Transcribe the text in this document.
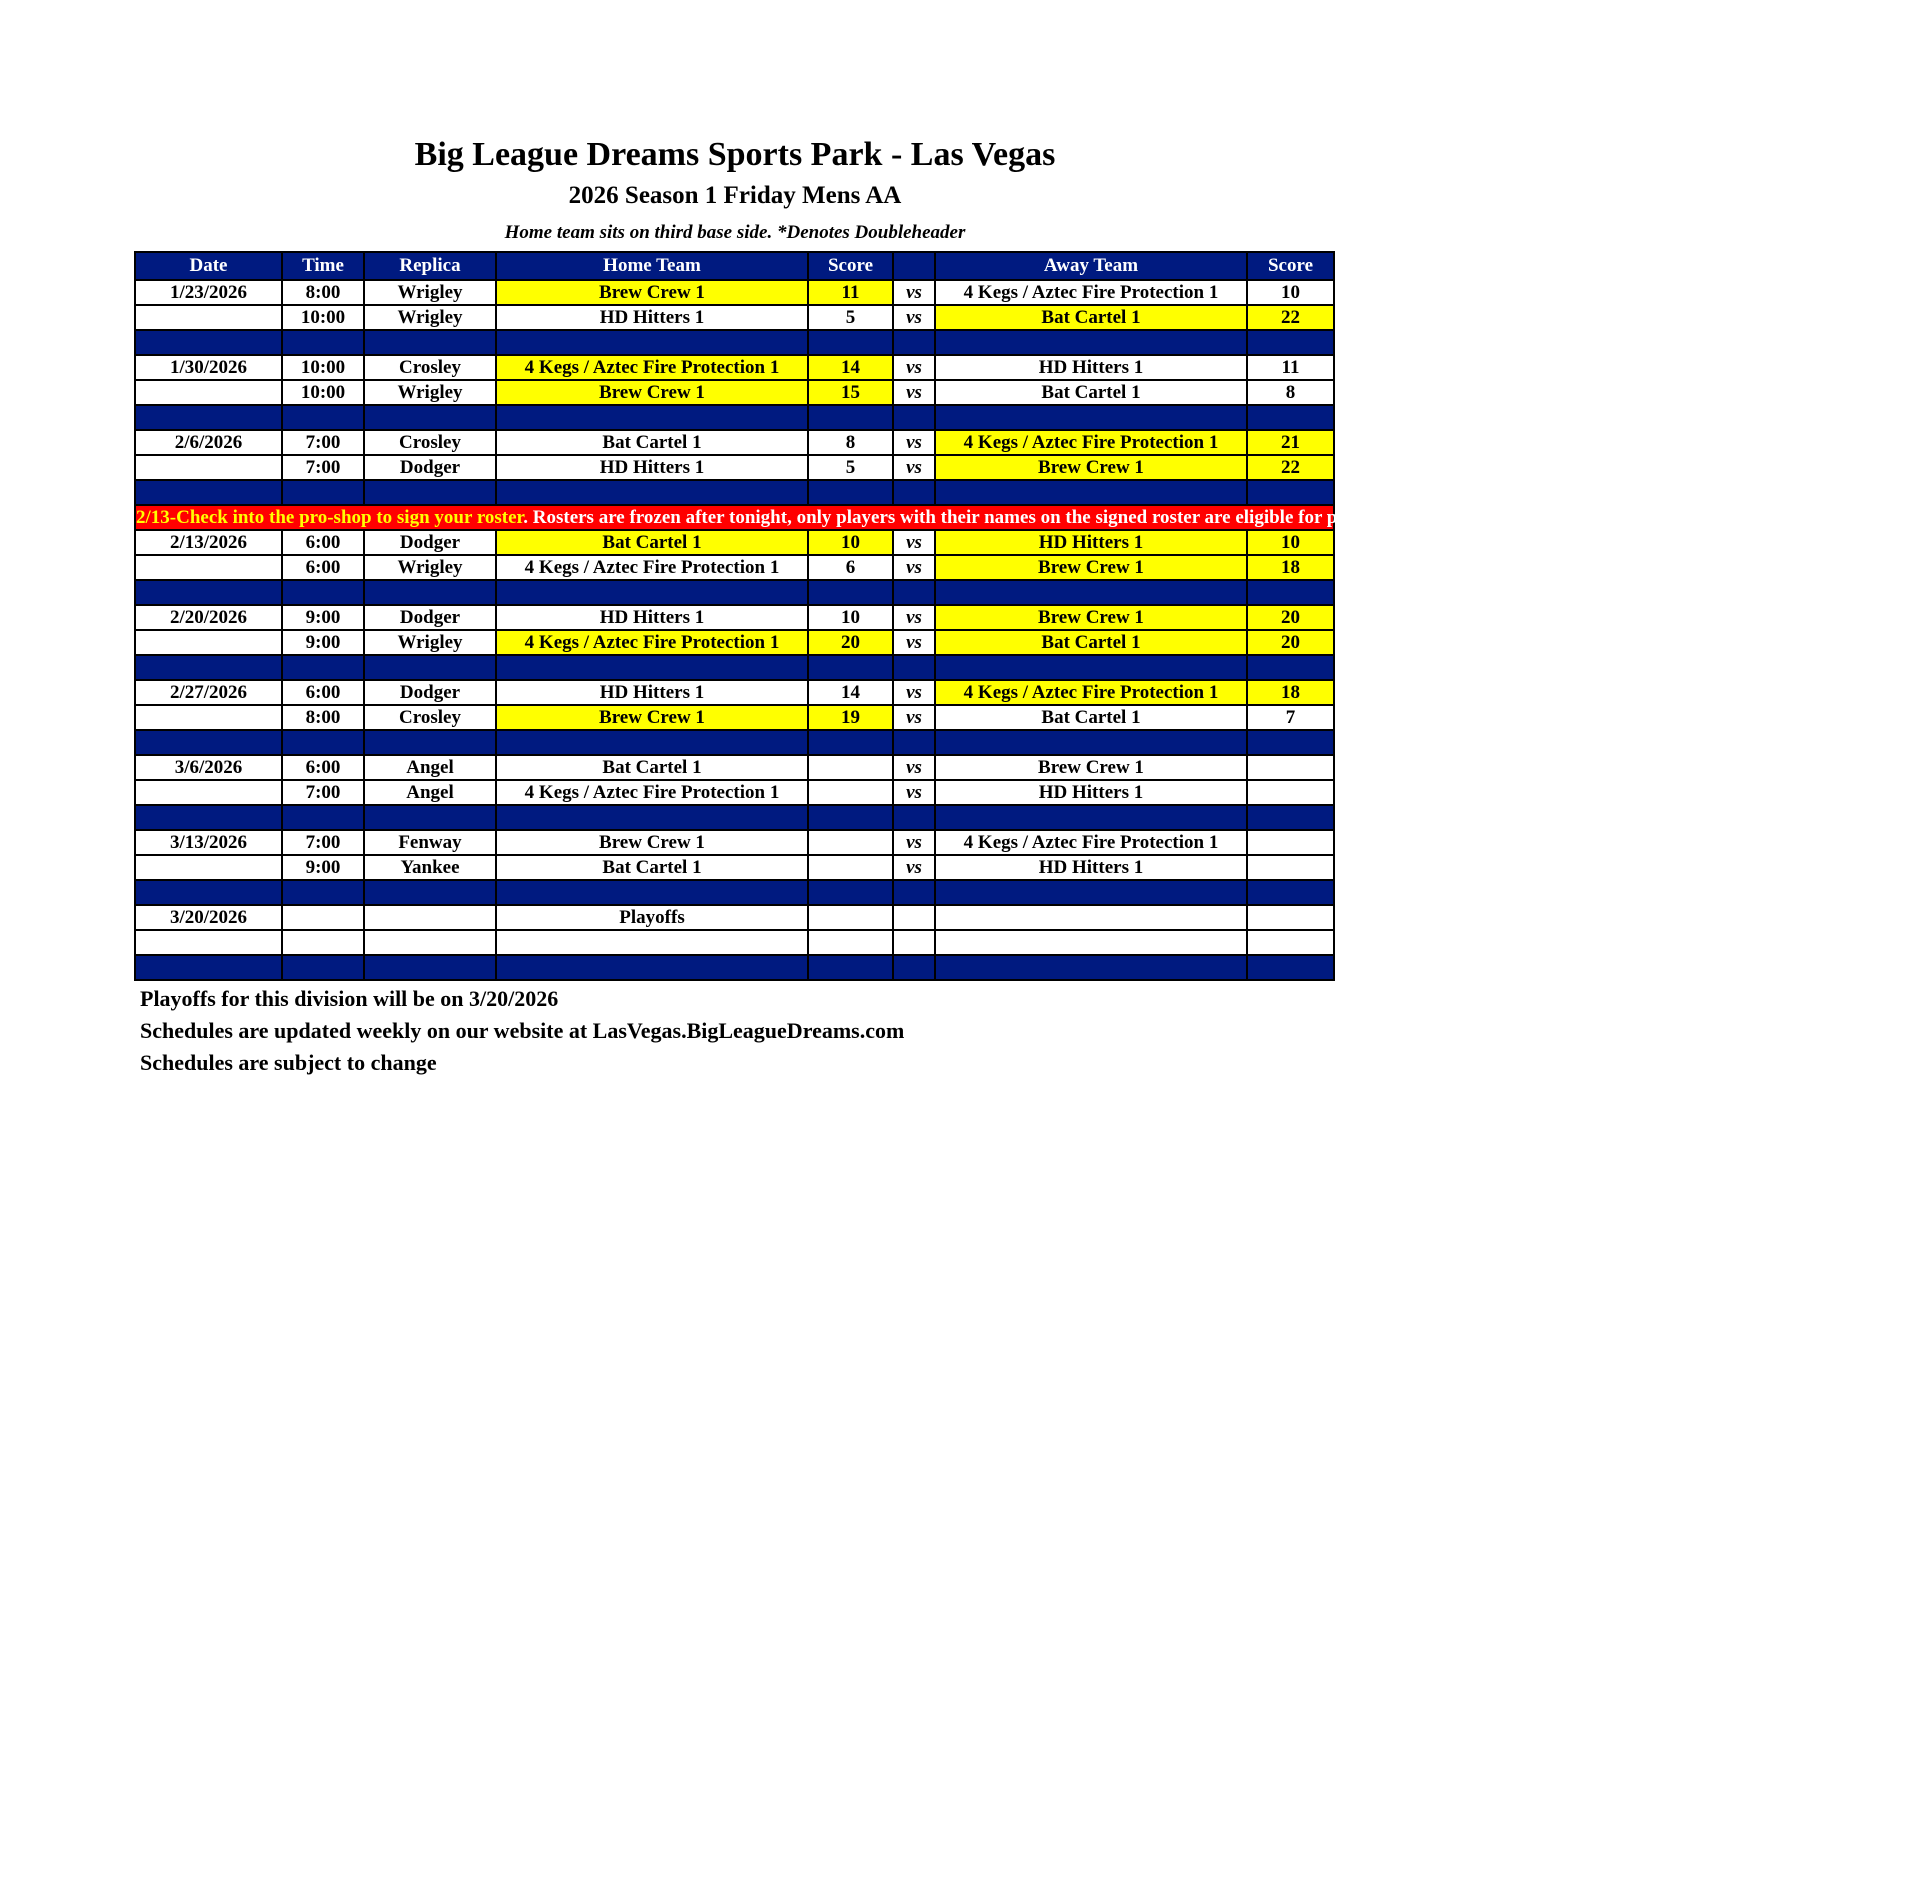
Big League Dreams Sports Park - Las Vegas
2026 Season 1 Friday Mens AA
Home team sits on third base side. *Denotes Doubleheader
Date	Time	Replica	Home Team	Score		Away Team	Score
1/23/2026	8:00	Wrigley	Brew Crew 1	11	vs	4 Kegs / Aztec Fire Protection 1	10
	10:00	Wrigley	HD Hitters 1	5	vs	Bat Cartel 1	22

1/30/2026	10:00	Crosley	4 Kegs / Aztec Fire Protection 1	14	vs	HD Hitters 1	11
	10:00	Wrigley	Brew Crew 1	15	vs	Bat Cartel 1	8

2/6/2026	7:00	Crosley	Bat Cartel 1	8	vs	4 Kegs / Aztec Fire Protection 1	21
	7:00	Dodger	HD Hitters 1	5	vs	Brew Crew 1	22

2/13-Check into the pro-shop to sign your roster. Rosters are frozen after tonight, only players with their names on the signed roster are eligible for playoffs. Please check carefully as changes will not be made for omissions.							
2/13/2026	6:00	Dodger	Bat Cartel 1	10	vs	HD Hitters 1	10
	6:00	Wrigley	4 Kegs / Aztec Fire Protection 1	6	vs	Brew Crew 1	18

2/20/2026	9:00	Dodger	HD Hitters 1	10	vs	Brew Crew 1	20
	9:00	Wrigley	4 Kegs / Aztec Fire Protection 1	20	vs	Bat Cartel 1	20

2/27/2026	6:00	Dodger	HD Hitters 1	14	vs	4 Kegs / Aztec Fire Protection 1	18
	8:00	Crosley	Brew Crew 1	19	vs	Bat Cartel 1	7

3/6/2026	6:00	Angel	Bat Cartel 1		vs	Brew Crew 1	
	7:00	Angel	4 Kegs / Aztec Fire Protection 1		vs	HD Hitters 1	

3/13/2026	7:00	Fenway	Brew Crew 1		vs	4 Kegs / Aztec Fire Protection 1	
	9:00	Yankee	Bat Cartel 1		vs	HD Hitters 1	

3/20/2026			Playoffs				

Playoffs for this division will be on 3/20/2026
Schedules are updated weekly on our website at LasVegas.BigLeagueDreams.com
Schedules are subject to change
